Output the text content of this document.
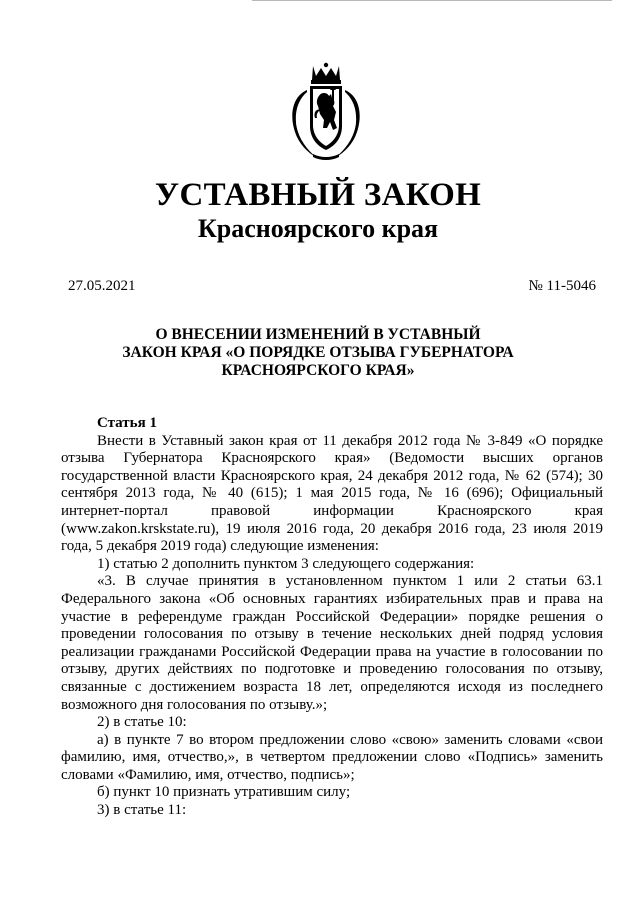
УСТАВНЫЙ ЗАКОН
Красноярского края
27.05.2021	№ 11-5046
О ВНЕСЕНИИ ИЗМЕНЕНИЙ В УСТАВНЫЙ
ЗАКОН КРАЯ «О ПОРЯДКЕ ОТЗЫВА ГУБЕРНАТОРА
КРАСНОЯРСКОГО КРАЯ»

Статья 1

Внести в Уставный закон края от 11 декабря 2012 года № 3-849 «О порядке отзыва Губернатора Красноярского края» (Ведомости высших органов государственной власти Красноярского края, 24 декабря 2012 года, № 62 (574); 30 сентября 2013 года, № 40 (615); 1 мая 2015 года, № 16 (696); Официальный интернет-портал правовой информации Красноярского края (www.zakon.krskstate.ru), 19 июля 2016 года, 20 декабря 2016 года, 23 июля 2019 года, 5 декабря 2019 года) следующие изменения:

1) статью 2 дополнить пунктом 3 следующего содержания:

«3. В случае принятия в установленном пунктом 1 или 2 статьи 63.1 Федерального закона «Об основных гарантиях избирательных прав и права на участие в референдуме граждан Российской Федерации» порядке решения о проведении голосования по отзыву в течение нескольких дней подряд условия реализации гражданами Российской Федерации права на участие в голосовании по отзыву, других действиях по подготовке и проведению голосования по отзыву, связанные с достижением возраста 18 лет, определяются исходя из последнего возможного дня голосования по отзыву.»;

2) в статье 10:

а) в пункте 7 во втором предложении слово «свою» заменить словами «свои фамилию, имя, отчество,», в четвертом предложении слово «Подпись» заменить словами «Фамилию, имя, отчество, подпись»;

б) пункт 10 признать утратившим силу;

3) в статье 11:
